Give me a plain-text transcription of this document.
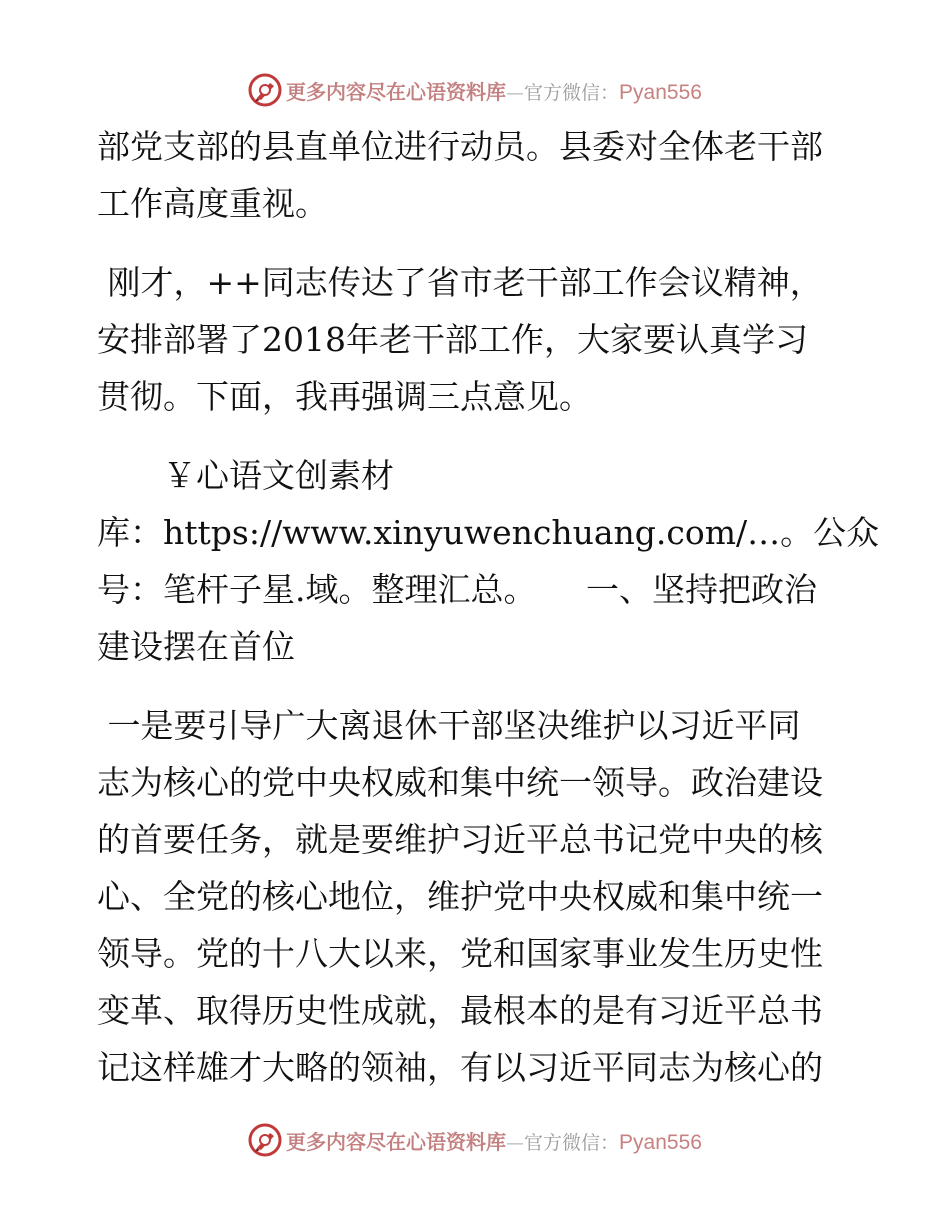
更多内容尽在心语资料库 — 官方微信： Pyan556

部党支部的县直单位进行动员。县委对全体老干部
工作高度重视。

刚才，++同志传达了省市老干部工作会议精神，
安排部署了2018年老干部工作，大家要认真学习
贯彻。下面，我再强调三点意见。

　　￥心语文创素材
库：https://www.xinyuwenchuang.com/…。公众
号：笔杆子星.域。整理汇总。　　一、坚持把政治
建设摆在首位

一是要引导广大离退休干部坚决维护以习近平同
志为核心的党中央权威和集中统一领导。政治建设
的首要任务，就是要维护习近平总书记党中央的核
心、全党的核心地位，维护党中央权威和集中统一
领导。党的十八大以来，党和国家事业发生历史性
变革、取得历史性成就，最根本的是有习近平总书
记这样雄才大略的领袖，有以习近平同志为核心的

更多内容尽在心语资料库 — 官方微信： Pyan556
